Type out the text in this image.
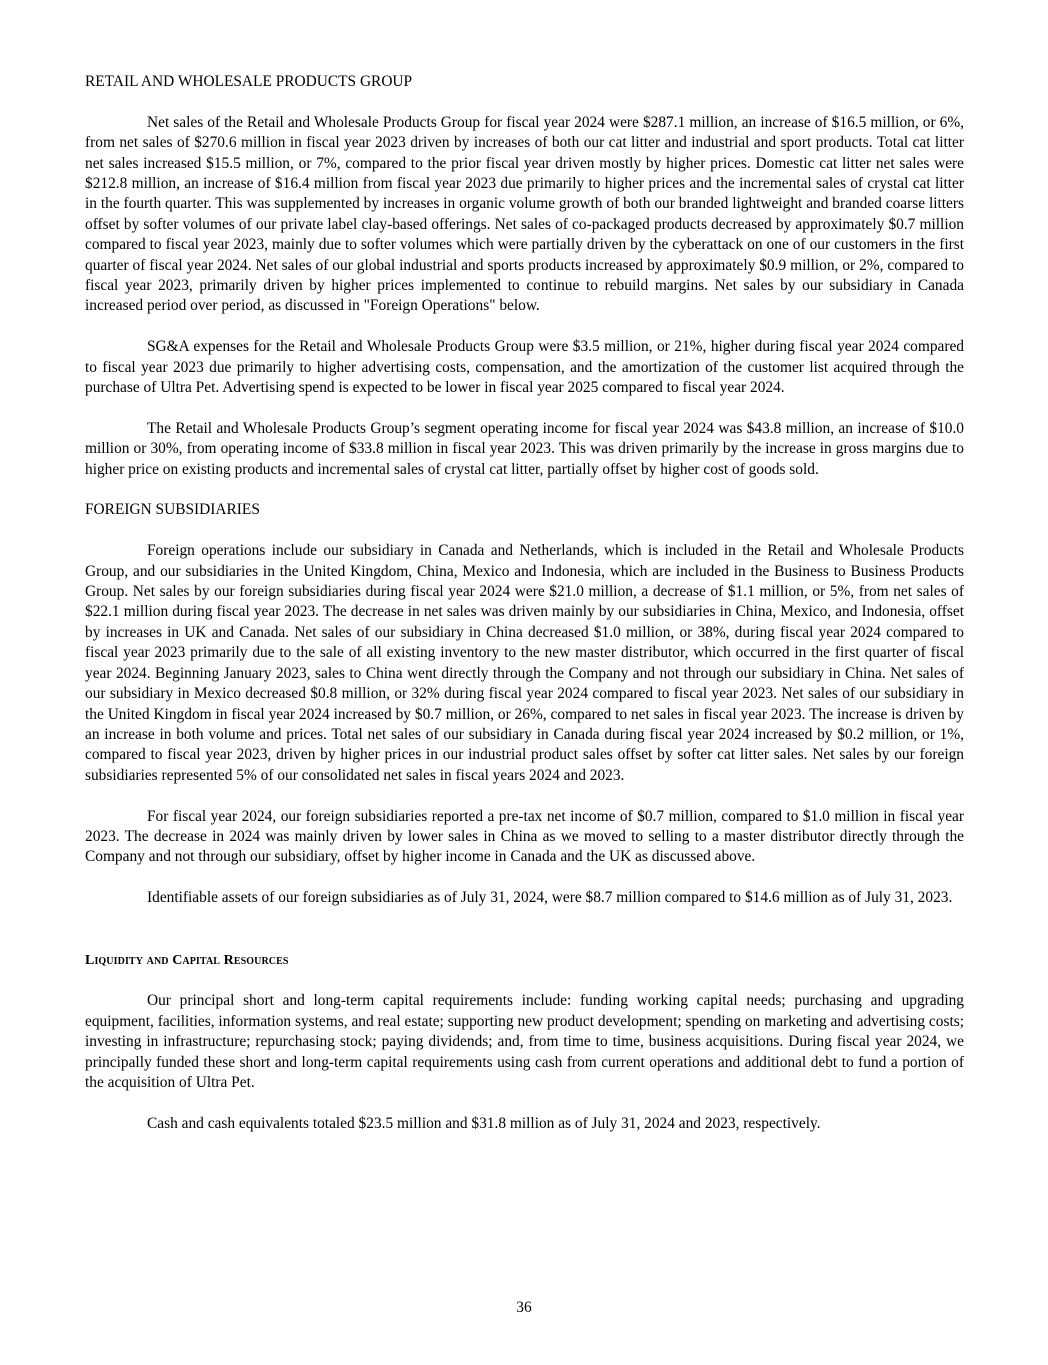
RETAIL AND WHOLESALE PRODUCTS GROUP

Net sales of the Retail and Wholesale Products Group for fiscal year 2024 were $287.1 million, an increase of $16.5 million, or 6%, from net sales of $270.6 million in fiscal year 2023 driven by increases of both our cat litter and industrial and sport products. Total cat litter net sales increased $15.5 million, or 7%, compared to the prior fiscal year driven mostly by higher prices. Domestic cat litter net sales were $212.8 million, an increase of $16.4 million from fiscal year 2023 due primarily to higher prices and the incremental sales of crystal cat litter in the fourth quarter. This was supplemented by increases in organic volume growth of both our branded lightweight and branded coarse litters offset by softer volumes of our private label clay-based offerings. Net sales of co-packaged products decreased by approximately $0.7 million compared to fiscal year 2023, mainly due to softer volumes which were partially driven by the cyberattack on one of our customers in the first quarter of fiscal year 2024. Net sales of our global industrial and sports products increased by approximately $0.9 million, or 2%, compared to fiscal year 2023, primarily driven by higher prices implemented to continue to rebuild margins. Net sales by our subsidiary in Canada increased period over period, as discussed in "Foreign Operations" below.

SG&A expenses for the Retail and Wholesale Products Group were $3.5 million, or 21%, higher during fiscal year 2024 compared to fiscal year 2023 due primarily to higher advertising costs, compensation, and the amortization of the customer list acquired through the purchase of Ultra Pet. Advertising spend is expected to be lower in fiscal year 2025 compared to fiscal year 2024.

The Retail and Wholesale Products Group’s segment operating income for fiscal year 2024 was $43.8 million, an increase of $10.0 million or 30%, from operating income of $33.8 million in fiscal year 2023. This was driven primarily by the increase in gross margins due to higher price on existing products and incremental sales of crystal cat litter, partially offset by higher cost of goods sold.

FOREIGN SUBSIDIARIES

Foreign operations include our subsidiary in Canada and Netherlands, which is included in the Retail and Wholesale Products Group, and our subsidiaries in the United Kingdom, China, Mexico and Indonesia, which are included in the Business to Business Products Group. Net sales by our foreign subsidiaries during fiscal year 2024 were $21.0 million, a decrease of $1.1 million, or 5%, from net sales of $22.1 million during fiscal year 2023. The decrease in net sales was driven mainly by our subsidiaries in China, Mexico, and Indonesia, offset by increases in UK and Canada. Net sales of our subsidiary in China decreased $1.0 million, or 38%, during fiscal year 2024 compared to fiscal year 2023 primarily due to the sale of all existing inventory to the new master distributor, which occurred in the first quarter of fiscal year 2024. Beginning January 2023, sales to China went directly through the Company and not through our subsidiary in China. Net sales of our subsidiary in Mexico decreased $0.8 million, or 32% during fiscal year 2024 compared to fiscal year 2023. Net sales of our subsidiary in the United Kingdom in fiscal year 2024 increased by $0.7 million, or 26%, compared to net sales in fiscal year 2023. The increase is driven by an increase in both volume and prices. Total net sales of our subsidiary in Canada during fiscal year 2024 increased by $0.2 million, or 1%, compared to fiscal year 2023, driven by higher prices in our industrial product sales offset by softer cat litter sales. Net sales by our foreign subsidiaries represented 5% of our consolidated net sales in fiscal years 2024 and 2023.

For fiscal year 2024, our foreign subsidiaries reported a pre-tax net income of $0.7 million, compared to $1.0 million in fiscal year 2023. The decrease in 2024 was mainly driven by lower sales in China as we moved to selling to a master distributor directly through the Company and not through our subsidiary, offset by higher income in Canada and the UK as discussed above.

Identifiable assets of our foreign subsidiaries as of July 31, 2024, were $8.7 million compared to $14.6 million as of July 31, 2023.

Liquidity and Capital Resources

Our principal short and long-term capital requirements include: funding working capital needs; purchasing and upgrading equipment, facilities, information systems, and real estate; supporting new product development; spending on marketing and advertising costs; investing in infrastructure; repurchasing stock; paying dividends; and, from time to time, business acquisitions. During fiscal year 2024, we principally funded these short and long-term capital requirements using cash from current operations and additional debt to fund a portion of the acquisition of Ultra Pet.

Cash and cash equivalents totaled $23.5 million and $31.8 million as of July 31, 2024 and 2023, respectively.

36
